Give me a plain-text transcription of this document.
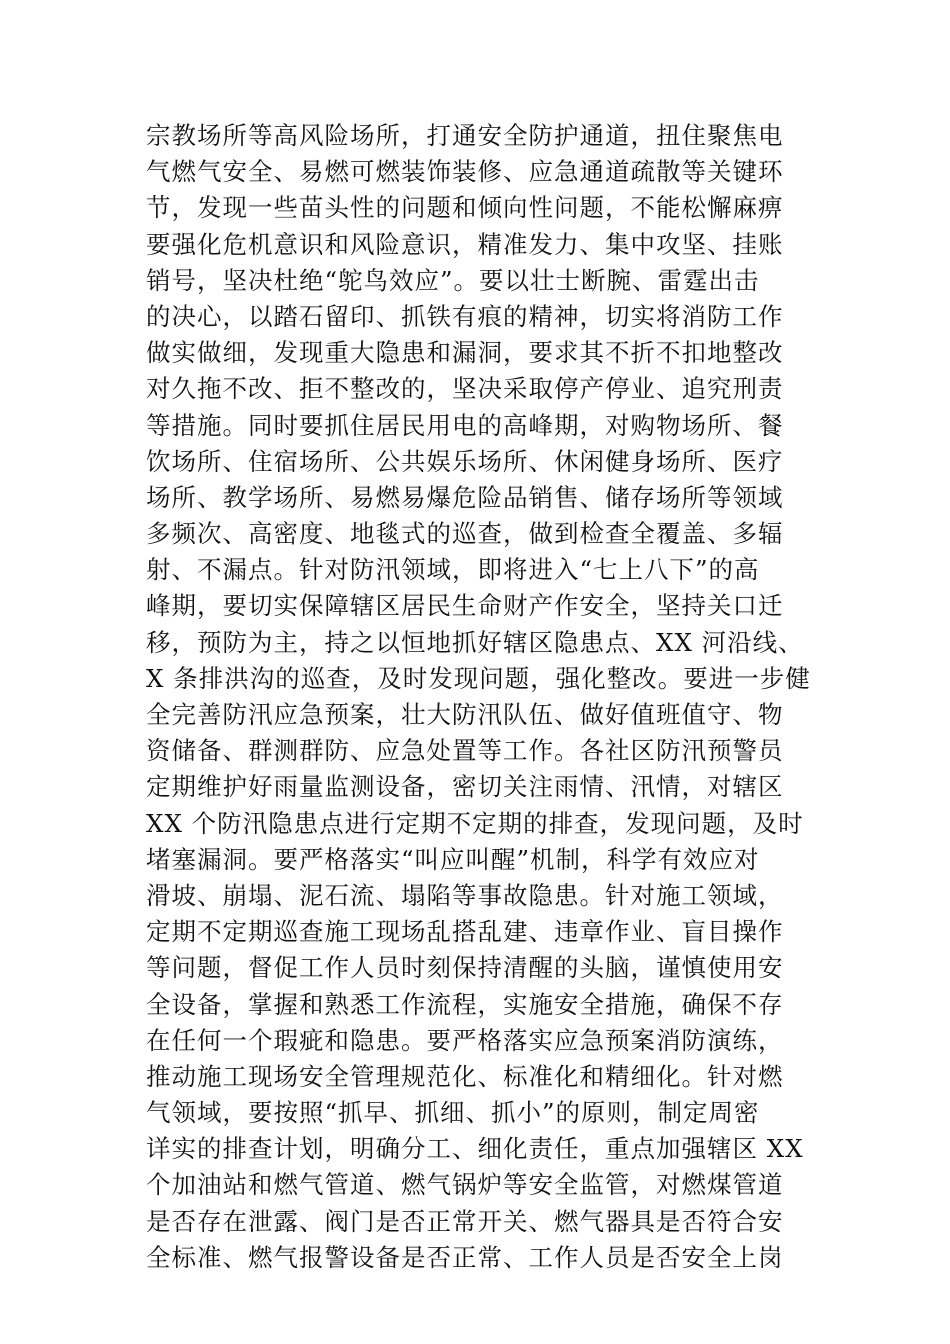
宗教场所等高风险场所，打通安全防护通道，扭住聚焦电
气燃气安全、易燃可燃装饰装修、应急通道疏散等关键环
节，发现一些苗头性的问题和倾向性问题，不能松懈麻痹
要强化危机意识和风险意识，精准发力、集中攻坚、挂账
销号，坚决杜绝“鸵鸟效应”。要以壮士断腕、雷霆出击
的决心，以踏石留印、抓铁有痕的精神，切实将消防工作
做实做细，发现重大隐患和漏洞，要求其不折不扣地整改
对久拖不改、拒不整改的，坚决采取停产停业、追究刑责
等措施。同时要抓住居民用电的高峰期，对购物场所、餐
饮场所、住宿场所、公共娱乐场所、休闲健身场所、医疗
场所、教学场所、易燃易爆危险品销售、储存场所等领域
多频次、高密度、地毯式的巡查，做到检查全覆盖、多辐
射、不漏点。针对防汛领域，即将进入“七上八下”的高
峰期，要切实保障辖区居民生命财产作安全，坚持关口迁
移，预防为主，持之以恒地抓好辖区隐患点、XX 河沿线、
X 条排洪沟的巡查，及时发现问题，强化整改。要进一步健
全完善防汛应急预案，壮大防汛队伍、做好值班值守、物
资储备、群测群防、应急处置等工作。各社区防汛预警员
定期维护好雨量监测设备，密切关注雨情、汛情，对辖区
XX 个防汛隐患点进行定期不定期的排查，发现问题，及时
堵塞漏洞。要严格落实“叫应叫醒”机制，科学有效应对
滑坡、崩塌、泥石流、塌陷等事故隐患。针对施工领域，
定期不定期巡查施工现场乱搭乱建、违章作业、盲目操作
等问题，督促工作人员时刻保持清醒的头脑，谨慎使用安
全设备，掌握和熟悉工作流程，实施安全措施，确保不存
在任何一个瑕疵和隐患。要严格落实应急预案消防演练，
推动施工现场安全管理规范化、标准化和精细化。针对燃
气领域，要按照“抓早、抓细、抓小”的原则，制定周密
详实的排查计划，明确分工、细化责任，重点加强辖区 XX
个加油站和燃气管道、燃气锅炉等安全监管，对燃煤管道
是否存在泄露、阀门是否正常开关、燃气器具是否符合安
全标准、燃气报警设备是否正常、工作人员是否安全上岗
